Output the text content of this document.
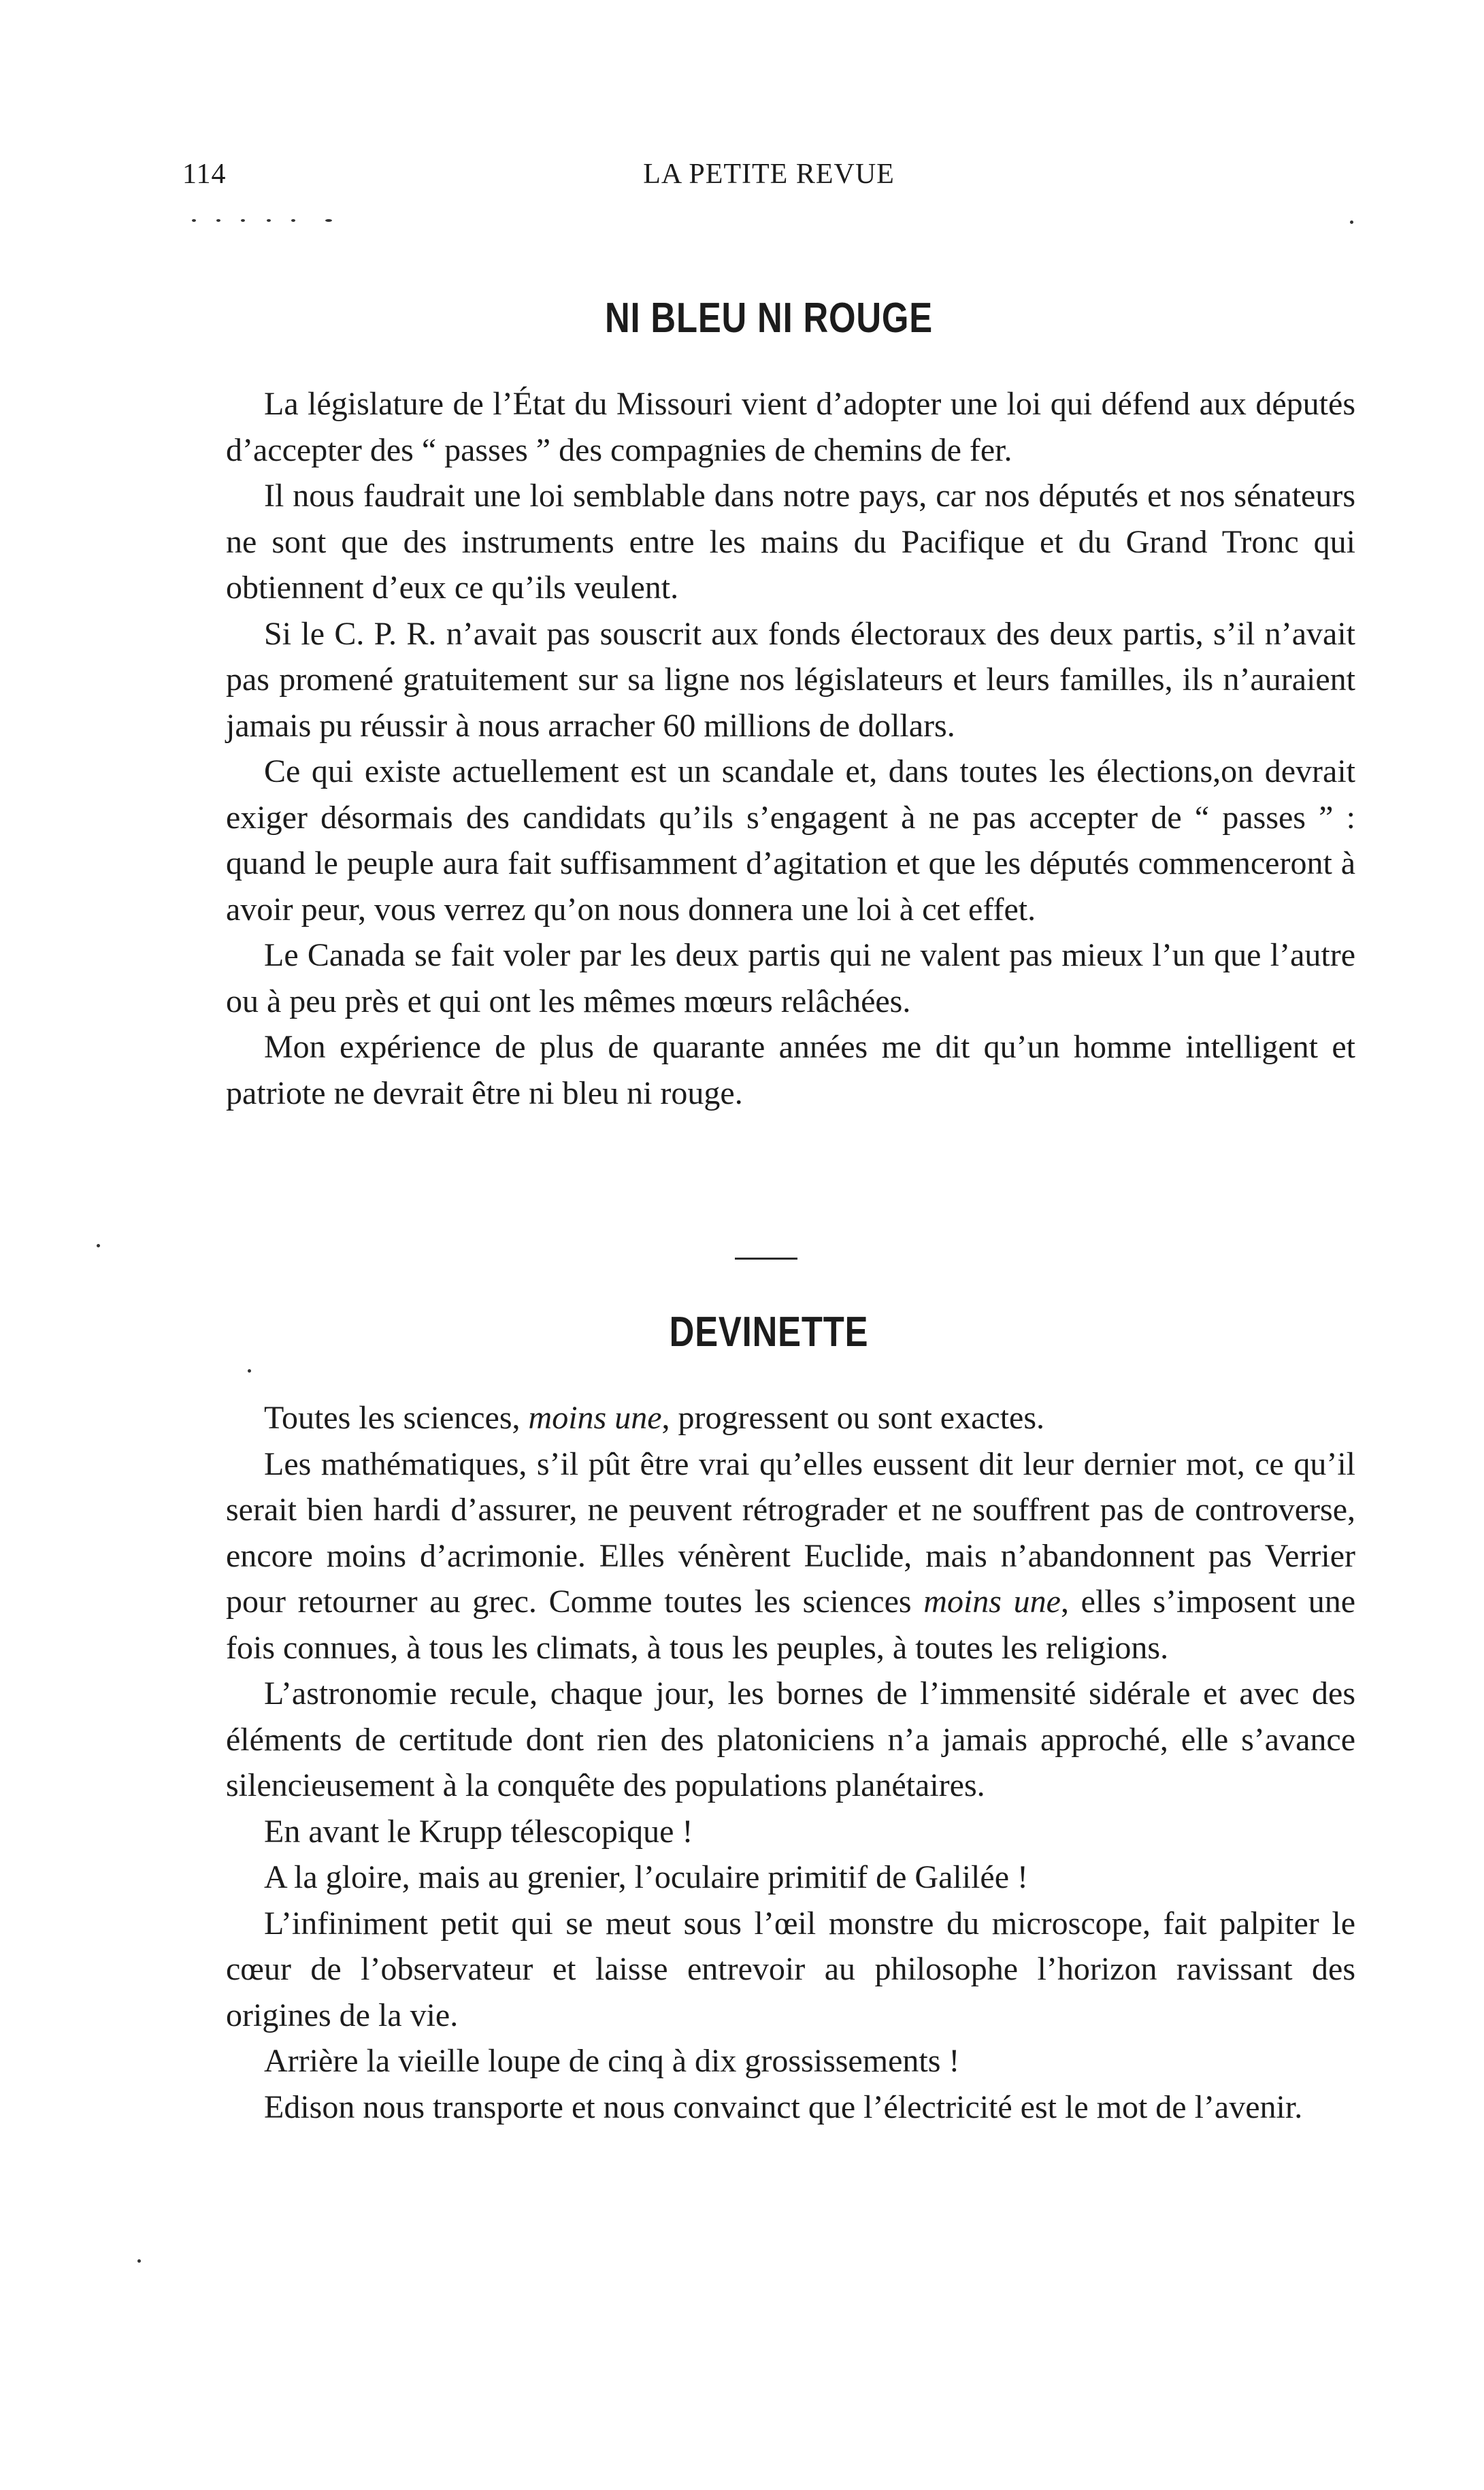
114	LA PETITE REVUE
NI BLEU NI ROUGE

La législature de l’État du Missouri vient d’adopter une loi qui défend aux députés d’accepter des “ passes ” des compagnies de chemins de fer.

Il nous faudrait une loi semblable dans notre pays, car nos députés et nos sénateurs ne sont que des instruments entre les mains du Pacifique et du Grand Tronc qui obtiennent d’eux ce qu’ils veulent.

Si le C. P. R. n’avait pas souscrit aux fonds électoraux des deux partis, s’il n’avait pas promené gratuitement sur sa ligne nos législateurs et leurs familles, ils n’auraient jamais pu réussir à nous arracher 60 millions de dollars.

Ce qui existe actuellement est un scandale et, dans toutes les élections,on devrait exiger désormais des candidats qu’ils s’engagent à ne pas accepter de “ passes ” : quand le peuple aura fait suffisamment d’agitation et que les députés commenceront à avoir peur, vous verrez qu’on nous donnera une loi à cet effet.

Le Canada se fait voler par les deux partis qui ne valent pas mieux l’un que l’autre ou à peu près et qui ont les mêmes mœurs relâchées.

Mon expérience de plus de quarante années me dit qu’un homme intelligent et patriote ne devrait être ni bleu ni rouge.

DEVINETTE

Toutes les sciences, moins une, progressent ou sont exactes.

Les mathématiques, s’il pût être vrai qu’elles eussent dit leur dernier mot, ce qu’il serait bien hardi d’assurer, ne peuvent rétrograder et ne souffrent pas de controverse, encore moins d’acrimonie. Elles vénèrent Euclide, mais n’abandonnent pas Verrier pour retourner au grec. Comme toutes les sciences moins une, elles s’imposent une fois connues, à tous les climats, à tous les peuples, à toutes les religions.

L’astronomie recule, chaque jour, les bornes de l’immensité sidérale et avec des éléments de certitude dont rien des platoniciens n’a jamais approché, elle s’avance silencieusement à la conquête des populations planétaires.

En avant le Krupp télescopique !

A la gloire, mais au grenier, l’oculaire primitif de Galilée !

L’infiniment petit qui se meut sous l’œil monstre du microscope, fait palpiter le cœur de l’observateur et laisse entrevoir au philosophe l’horizon ravissant des origines de la vie.

Arrière la vieille loupe de cinq à dix grossissements !

Edison nous transporte et nous convainct que l’électricité est le mot de l’avenir.
